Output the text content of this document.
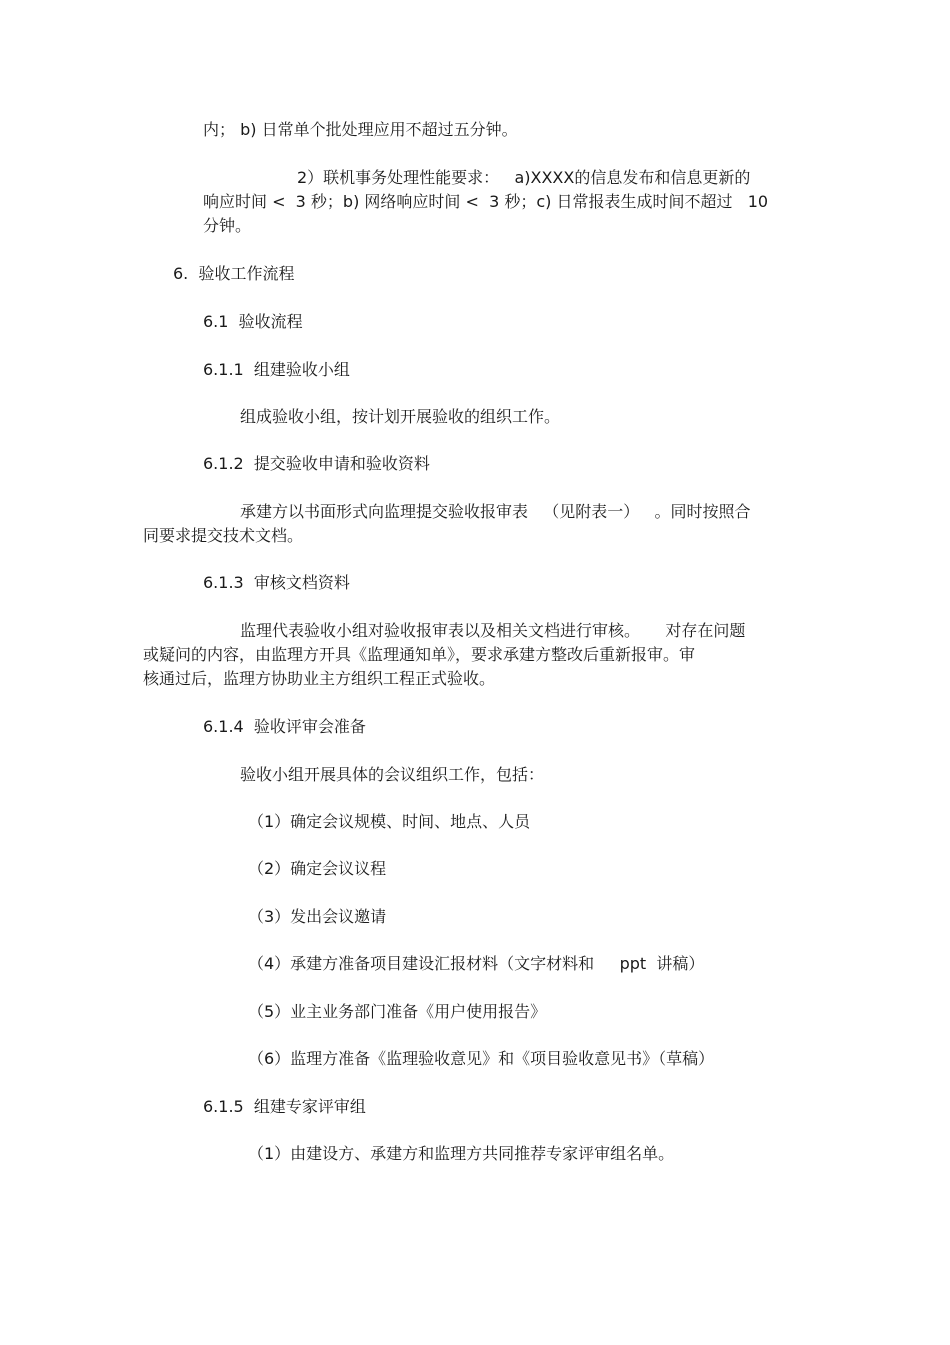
内； b) 日常单个批处理应用不超过五分钟。
2）联机事务处理性能要求：   a)XXXX的信息发布和信息更新的
响应时间 <  3 秒；b) 网络响应时间 <  3 秒；c) 日常报表生成时间不超过   10
分钟。
6.  验收工作流程
6.1  验收流程
6.1.1  组建验收小组
组成验收小组，按计划开展验收的组织工作。
6.1.2  提交验收申请和验收资料
承建方以书面形式向监理提交验收报审表   （见附表一）   。同时按照合
同要求提交技术文档。
6.1.3  审核文档资料
监理代表验收小组对验收报审表以及相关文档进行审核。     对存在问题
或疑问的内容，由监理方开具《监理通知单》，要求承建方整改后重新报审。审
核通过后，监理方协助业主方组织工程正式验收。
6.1.4  验收评审会准备
验收小组开展具体的会议组织工作，包括：
（1）确定会议规模、时间、地点、人员
（2）确定会议议程
（3）发出会议邀请
（4）承建方准备项目建设汇报材料（文字材料和     ppt  讲稿）
（5）业主业务部门准备《用户使用报告》
（6）监理方准备《监理验收意见》和《项目验收意见书》（草稿）
6.1.5  组建专家评审组
（1）由建设方、承建方和监理方共同推荐专家评审组名单。
